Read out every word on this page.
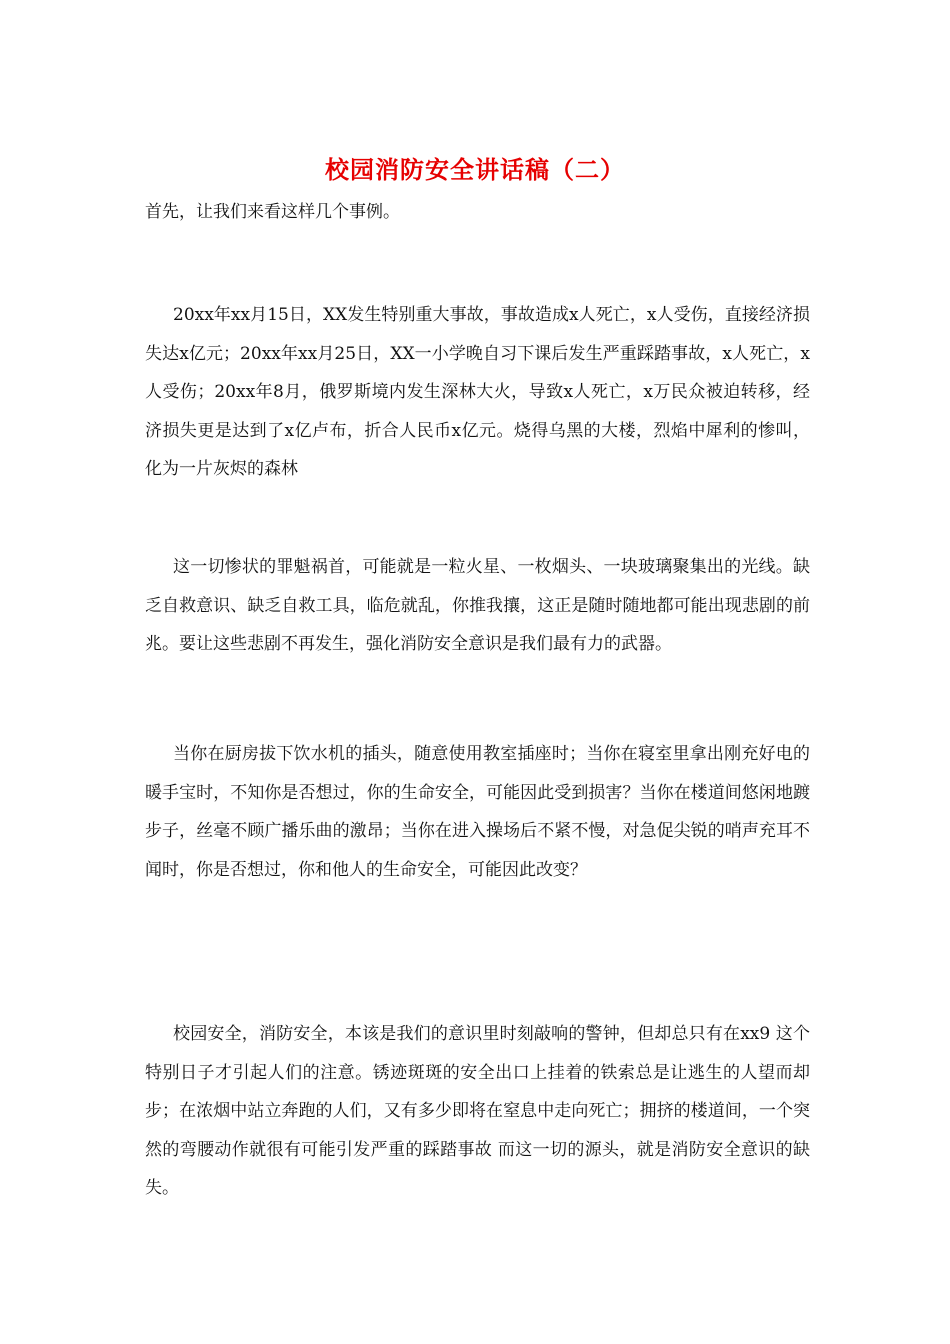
校园消防安全讲话稿（二）

首先，让我们来看这样几个事例。

20xx年xx月15日，XX发生特别重大事故，事故造成x人死亡，x人受伤，直接经济损失达x亿元；20xx年xx月25日，XX一小学晚自习下课后发生严重踩踏事故，x人死亡，x人受伤；20xx年8月，俄罗斯境内发生深林大火，导致x人死亡，x万民众被迫转移，经济损失更是达到了x亿卢布，折合人民币x亿元。烧得乌黑的大楼，烈焰中犀利的惨叫，化为一片灰烬的森林

这一切惨状的罪魁祸首，可能就是一粒火星、一枚烟头、一块玻璃聚集出的光线。缺乏自救意识、缺乏自救工具，临危就乱，你推我攘，这正是随时随地都可能出现悲剧的前兆。要让这些悲剧不再发生，强化消防安全意识是我们最有力的武器。

当你在厨房拔下饮水机的插头，随意使用教室插座时；当你在寝室里拿出刚充好电的暖手宝时，不知你是否想过，你的生命安全，可能因此受到损害？当你在楼道间悠闲地踱步子，丝毫不顾广播乐曲的激昂；当你在进入操场后不紧不慢，对急促尖锐的哨声充耳不闻时，你是否想过，你和他人的生命安全，可能因此改变？

校园安全，消防安全，本该是我们的意识里时刻敲响的警钟，但却总只有在xx9 这个特别日子才引起人们的注意。锈迹斑斑的安全出口上挂着的铁索总是让逃生的人望而却步；在浓烟中站立奔跑的人们，又有多少即将在窒息中走向死亡；拥挤的楼道间，一个突然的弯腰动作就很有可能引发严重的踩踏事故 而这一切的源头，就是消防安全意识的缺失。
